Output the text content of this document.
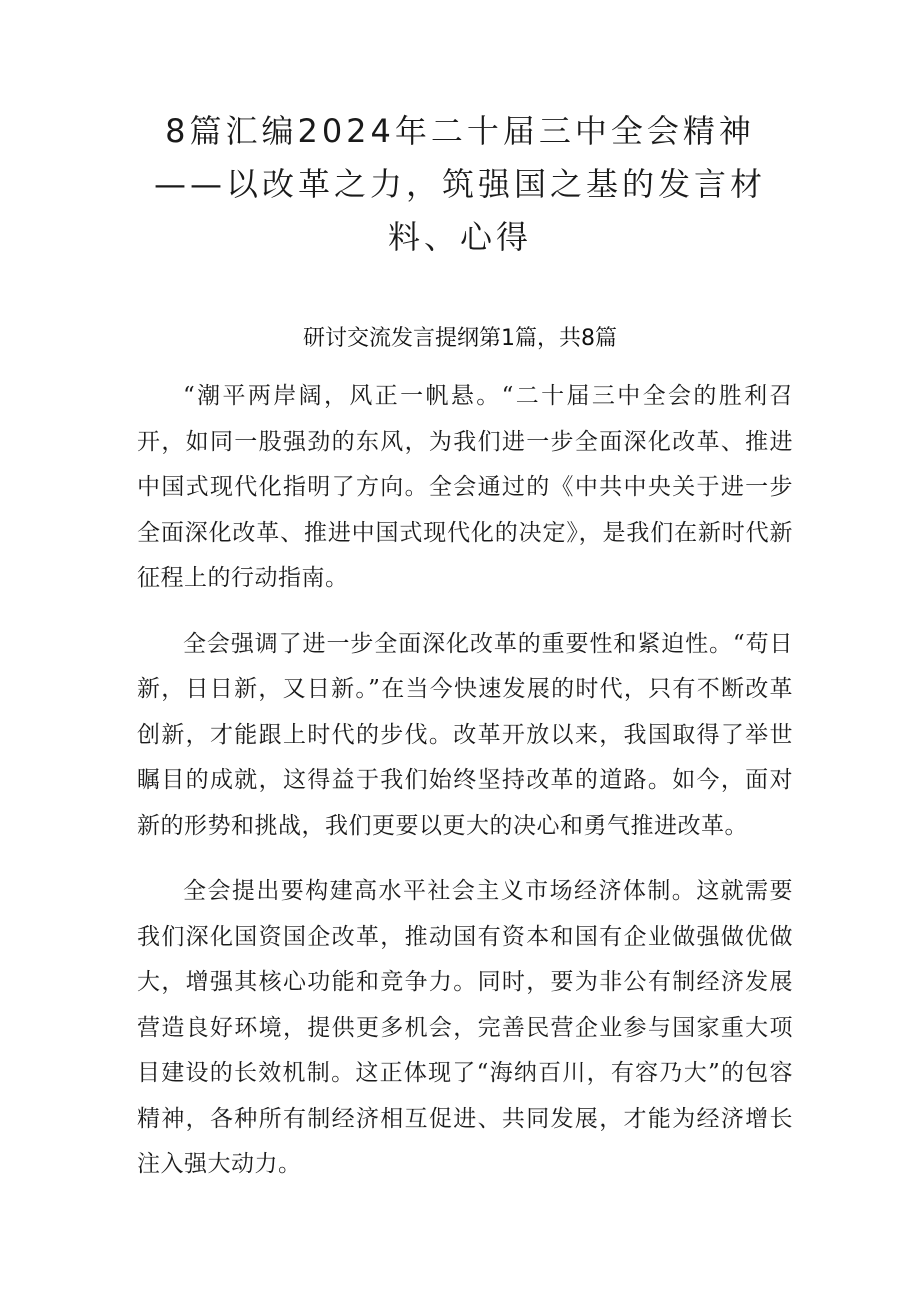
8篇汇编2024年二十届三中全会精神——以改革之力，筑强国之基的发言材料、心得
研讨交流发言提纲第1篇，共8篇

“潮平两岸阔，风正一帆悬。“二十届三中全会的胜利召开，如同一股强劲的东风，为我们进一步全面深化改革、推进中国式现代化指明了方向。全会通过的《中共中央关于进一步全面深化改革、推进中国式现代化的决定》，是我们在新时代新征程上的行动指南。

全会强调了进一步全面深化改革的重要性和紧迫性。“苟日新，日日新，又日新。”在当今快速发展的时代，只有不断改革创新，才能跟上时代的步伐。改革开放以来，我国取得了举世瞩目的成就，这得益于我们始终坚持改革的道路。如今，面对新的形势和挑战，我们更要以更大的决心和勇气推进改革。

全会提出要构建高水平社会主义市场经济体制。这就需要我们深化国资国企改革，推动国有资本和国有企业做强做优做大，增强其核心功能和竞争力。同时，要为非公有制经济发展营造良好环境，提供更多机会，完善民营企业参与国家重大项目建设的长效机制。这正体现了“海纳百川，有容乃大”的包容精神，各种所有制经济相互促进、共同发展，才能为经济增长注入强大动力。
